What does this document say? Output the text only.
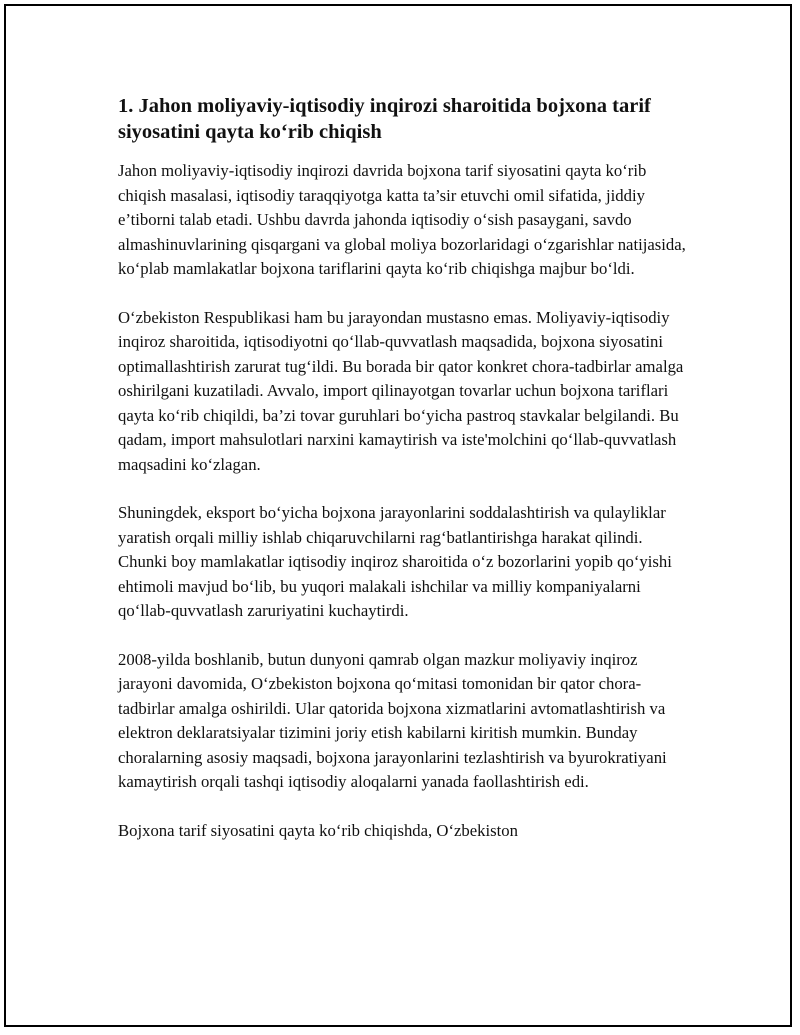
1. Jahon moliyaviy-iqtisodiy inqirozi sharoitida bojxona tarif siyosatini qayta ko‘rib chiqish

Jahon moliyaviy-iqtisodiy inqirozi davrida bojxona tarif siyosatini qayta ko‘rib chiqish masalasi, iqtisodiy taraqqiyotga katta ta’sir etuvchi omil sifatida, jiddiy e’tiborni talab etadi. Ushbu davrda jahonda iqtisodiy o‘sish pasaygani, savdo almashinuvlarining qisqargani va global moliya bozorlaridagi o‘zgarishlar natijasida, ko‘plab mamlakatlar bojxona tariflarini qayta ko‘rib chiqishga majbur bo‘ldi.

O‘zbekiston Respublikasi ham bu jarayondan mustasno emas. Moliyaviy-iqtisodiy inqiroz sharoitida, iqtisodiyotni qo‘llab-quvvatlash maqsadida, bojxona siyosatini optimallashtirish zarurat tug‘ildi. Bu borada bir qator konkret chora-tadbirlar amalga oshirilgani kuzatiladi. Avvalo, import qilinayotgan tovarlar uchun bojxona tariflari qayta ko‘rib chiqildi, ba’zi tovar guruhlari bo‘yicha pastroq stavkalar belgilandi. Bu qadam, import mahsulotlari narxini kamaytirish va iste'molchini qo‘llab-quvvatlash maqsadini ko‘zlagan.

Shuningdek, eksport bo‘yicha bojxona jarayonlarini soddalashtirish va qulayliklar yaratish orqali milliy ishlab chiqaruvchilarni rag‘batlantirishga harakat qilindi. Chunki boy mamlakatlar iqtisodiy inqiroz sharoitida o‘z bozorlarini yopib qo‘yishi ehtimoli mavjud bo‘lib, bu yuqori malakali ishchilar va milliy kompaniyalarni qo‘llab-quvvatlash zaruriyatini kuchaytirdi.

2008-yilda boshlanib, butun dunyoni qamrab olgan mazkur moliyaviy inqiroz jarayoni davomida, O‘zbekiston bojxona qo‘mitasi tomonidan bir qator chora-tadbirlar amalga oshirildi. Ular qatorida bojxona xizmatlarini avtomatlashtirish va elektron deklaratsiyalar tizimini joriy etish kabilarni kiritish mumkin. Bunday choralarning asosiy maqsadi, bojxona jarayonlarini tezlashtirish va byurokratiyani kamaytirish orqali tashqi iqtisodiy aloqalarni yanada faollashtirish edi.

Bojxona tarif siyosatini qayta ko‘rib chiqishda, O‘zbekiston
